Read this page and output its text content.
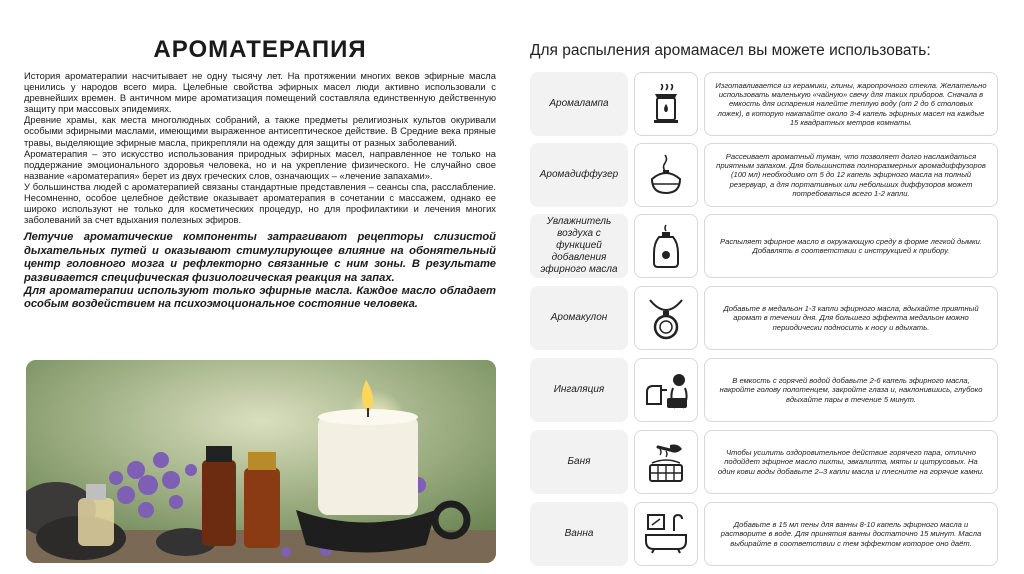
АРОМАТЕРАПИЯ

История ароматерапии насчитывает не одну тысячу лет. На протяжении многих веков эфирные масла ценились у народов всего мира. Целебные свойства эфирных масел люди активно использовали с древнейших времен. В античном мире ароматизация помещений составляла единственную действенную защиту при массовых эпидемиях.

Древние храмы, как места многолюдных собраний, а также предметы религиозных культов окуривали особыми эфирными маслами, имеющими выраженное антисептическое действие. В Средние века пряные травы, выделяющие эфирные масла, прикрепляли на одежду для защиты от разных заболеваний.

Ароматерапия – это искусство использования природных эфирных масел, направленное не только на поддержание эмоционального здоровья человека, но и на укрепление физического. Не случайно свое название «ароматерапия» берет из двух греческих слов, означающих – «лечение запахами».

У большинства людей с ароматерапией связаны стандартные представления – сеансы спа, расслабление. Несомненно, особое целебное действие оказывает ароматерапия в сочетании с массажем, однако ее широко используют не только для косметических процедур, но для профилактики и лечения многих заболеваний за счет вдыхания полезных эфиров.

Летучие ароматические компоненты затрагивают рецепторы слизистой дыхательных путей и оказывают стимулирующее влияние на обонятельный центр головного мозга и рефлекторно связанные с ним зоны. В результате развивается специфическая физиологическая реакция на запах.

Для ароматерапии используют только эфирные масла. Каждое масло обладает особым воздействием на психоэмоциональное состояние человека.

Для распыления аромамасел вы можете использовать:
Аромалампа
Изготавливается из керамики, глины, жаропрочного стекла. Желательно использовать маленькую «чайную» свечу для таких приборов. Сначала в емкость для испарения налейте теплую воду (от 2 до 6 столовых ложек), в которую накапайте около 3-4 капель эфирных масел на каждые 15 квадратных метров комнаты.
Аромадиффузер
Рассеивает ароматный туман, что позволяет долго наслаждаться приятным запахом. Для большинства полноразмерных аромадиффузоров (100 мл) необходимо от 5 до 12 капель эфирного масла на полный резервуар, а для портативных или небольших диффузоров может потребоваться всего 1-2 капли.
Увлажнитель воздуха с функцией добавления эфирного масла
Распыляет эфирное масло в окружающую среду в форме легкой дымки. Добавлять в соответствии с инструкцией к прибору.
Аромакулон
Добавьте в медальон 1-3 капли эфирного масла, вдыхайте приятный аромат в течении дня. Для большего эффекта медальон можно периодически подносить к носу и вдыхать.
Ингаляция
В емкость с горячей водой добавьте 2-6 капель эфирного масла, накройте голову полотенцем, закройте глаза и, наклонившись, глубоко вдыхайте пары в течение 5 минут.
Баня
Чтобы усилить оздоровительное действие горячего пара, отлично подойдет эфирное масло пихты, эвкалипта, мяты и цитрусовых. На один ковш воды добавьте 2–3 капли масла и плесните на горячие камни.
Ванна
Добавьте в 15 мл пены для ванны 8-10 капель эфирного масла и растворите в воде. Для принятия ванны достаточно 15 минут. Масла выбирайте в соответствии с тем эффектом которое оно даёт.
